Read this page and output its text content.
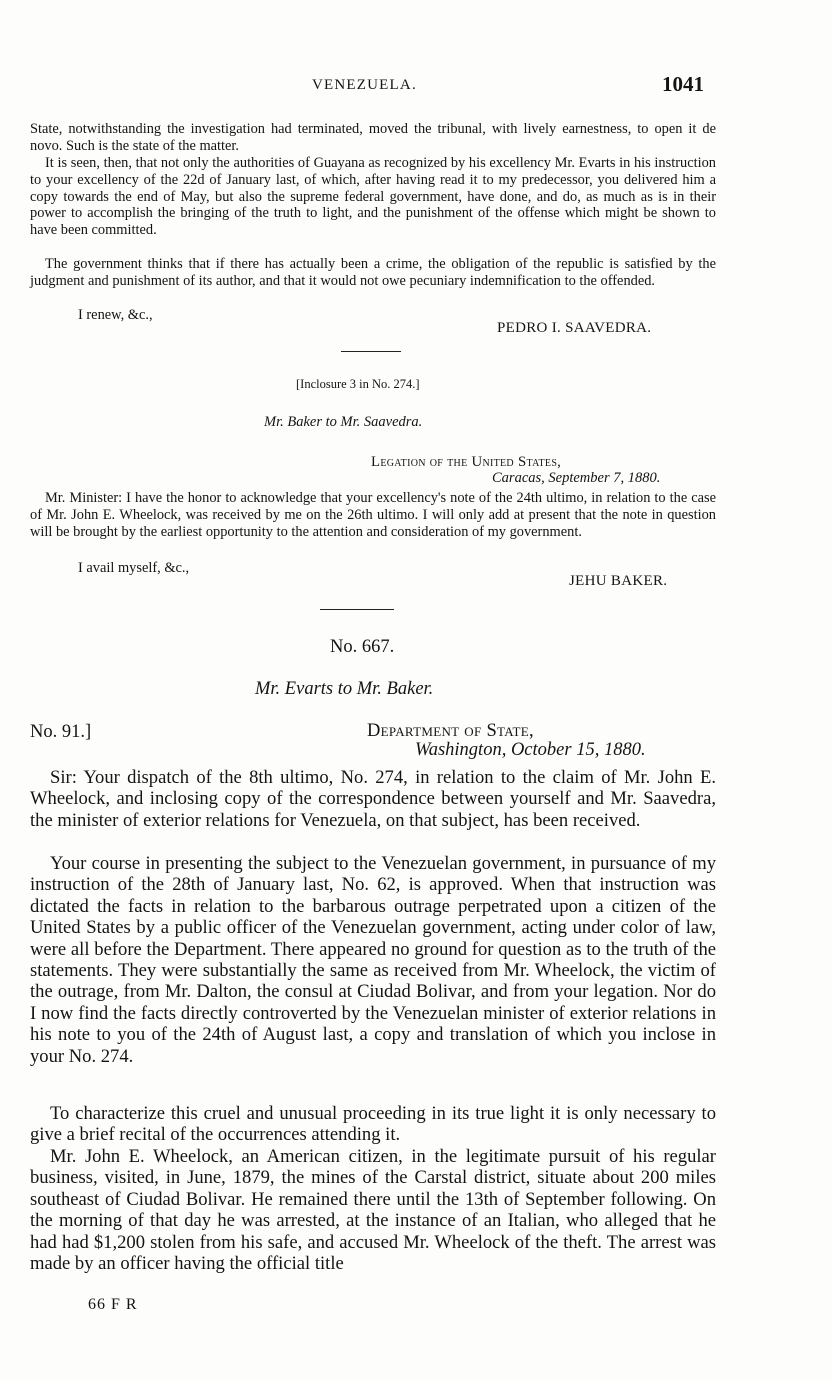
VENEZUELA.	1041

State, notwithstanding the investigation had terminated, moved the tribunal, with lively earnestness, to open it de novo. Such is the state of the matter.

It is seen, then, that not only the authorities of Guayana as recognized by his excellency Mr. Evarts in his instruction to your excellency of the 22d of January last, of which, after having read it to my predecessor, you delivered him a copy towards the end of May, but also the supreme federal government, have done, and do, as much as is in their power to accomplish the bringing of the truth to light, and the punishment of the offense which might be shown to have been committed.

The government thinks that if there has actually been a crime, the obligation of the republic is satisfied by the judgment and punishment of its author, and that it would not owe pecuniary indemnification to the offended.

I renew, &c.,

PEDRO I. SAAVEDRA.

[Inclosure 3 in No. 274.]

Mr. Baker to Mr. Saavedra.

Legation of the United States,

Caracas, September 7, 1880.

Mr. Minister: I have the honor to acknowledge that your excellency's note of the 24th ultimo, in relation to the case of Mr. John E. Wheelock, was received by me on the 26th ultimo. I will only add at present that the note in question will be brought by the earliest opportunity to the attention and consideration of my government.

I avail myself, &c.,

JEHU BAKER.

No. 667.

Mr. Evarts to Mr. Baker.

No. 91.]	Department of State,

Washington, October 15, 1880.

Sir: Your dispatch of the 8th ultimo, No. 274, in relation to the claim of Mr. John E. Wheelock, and inclosing copy of the correspondence between yourself and Mr. Saavedra, the minister of exterior relations for Venezuela, on that subject, has been received.

Your course in presenting the subject to the Venezuelan government, in pursuance of my instruction of the 28th of January last, No. 62, is approved. When that instruction was dictated the facts in relation to the barbarous outrage perpetrated upon a citizen of the United States by a public officer of the Venezuelan government, acting under color of law, were all before the Department. There appeared no ground for question as to the truth of the statements. They were substantially the same as received from Mr. Wheelock, the victim of the outrage, from Mr. Dalton, the consul at Ciudad Bolivar, and from your legation. Nor do I now find the facts directly controverted by the Venezuelan minister of exterior relations in his note to you of the 24th of August last, a copy and translation of which you inclose in your No. 274.

To characterize this cruel and unusual proceeding in its true light it is only necessary to give a brief recital of the occurrences attending it.

Mr. John E. Wheelock, an American citizen, in the legitimate pursuit of his regular business, visited, in June, 1879, the mines of the Carstal district, situate about 200 miles southeast of Ciudad Bolivar. He remained there until the 13th of September following. On the morning of that day he was arrested, at the instance of an Italian, who alleged that he had had $1,200 stolen from his safe, and accused Mr. Wheelock of the theft. The arrest was made by an officer having the official title

66 F R
